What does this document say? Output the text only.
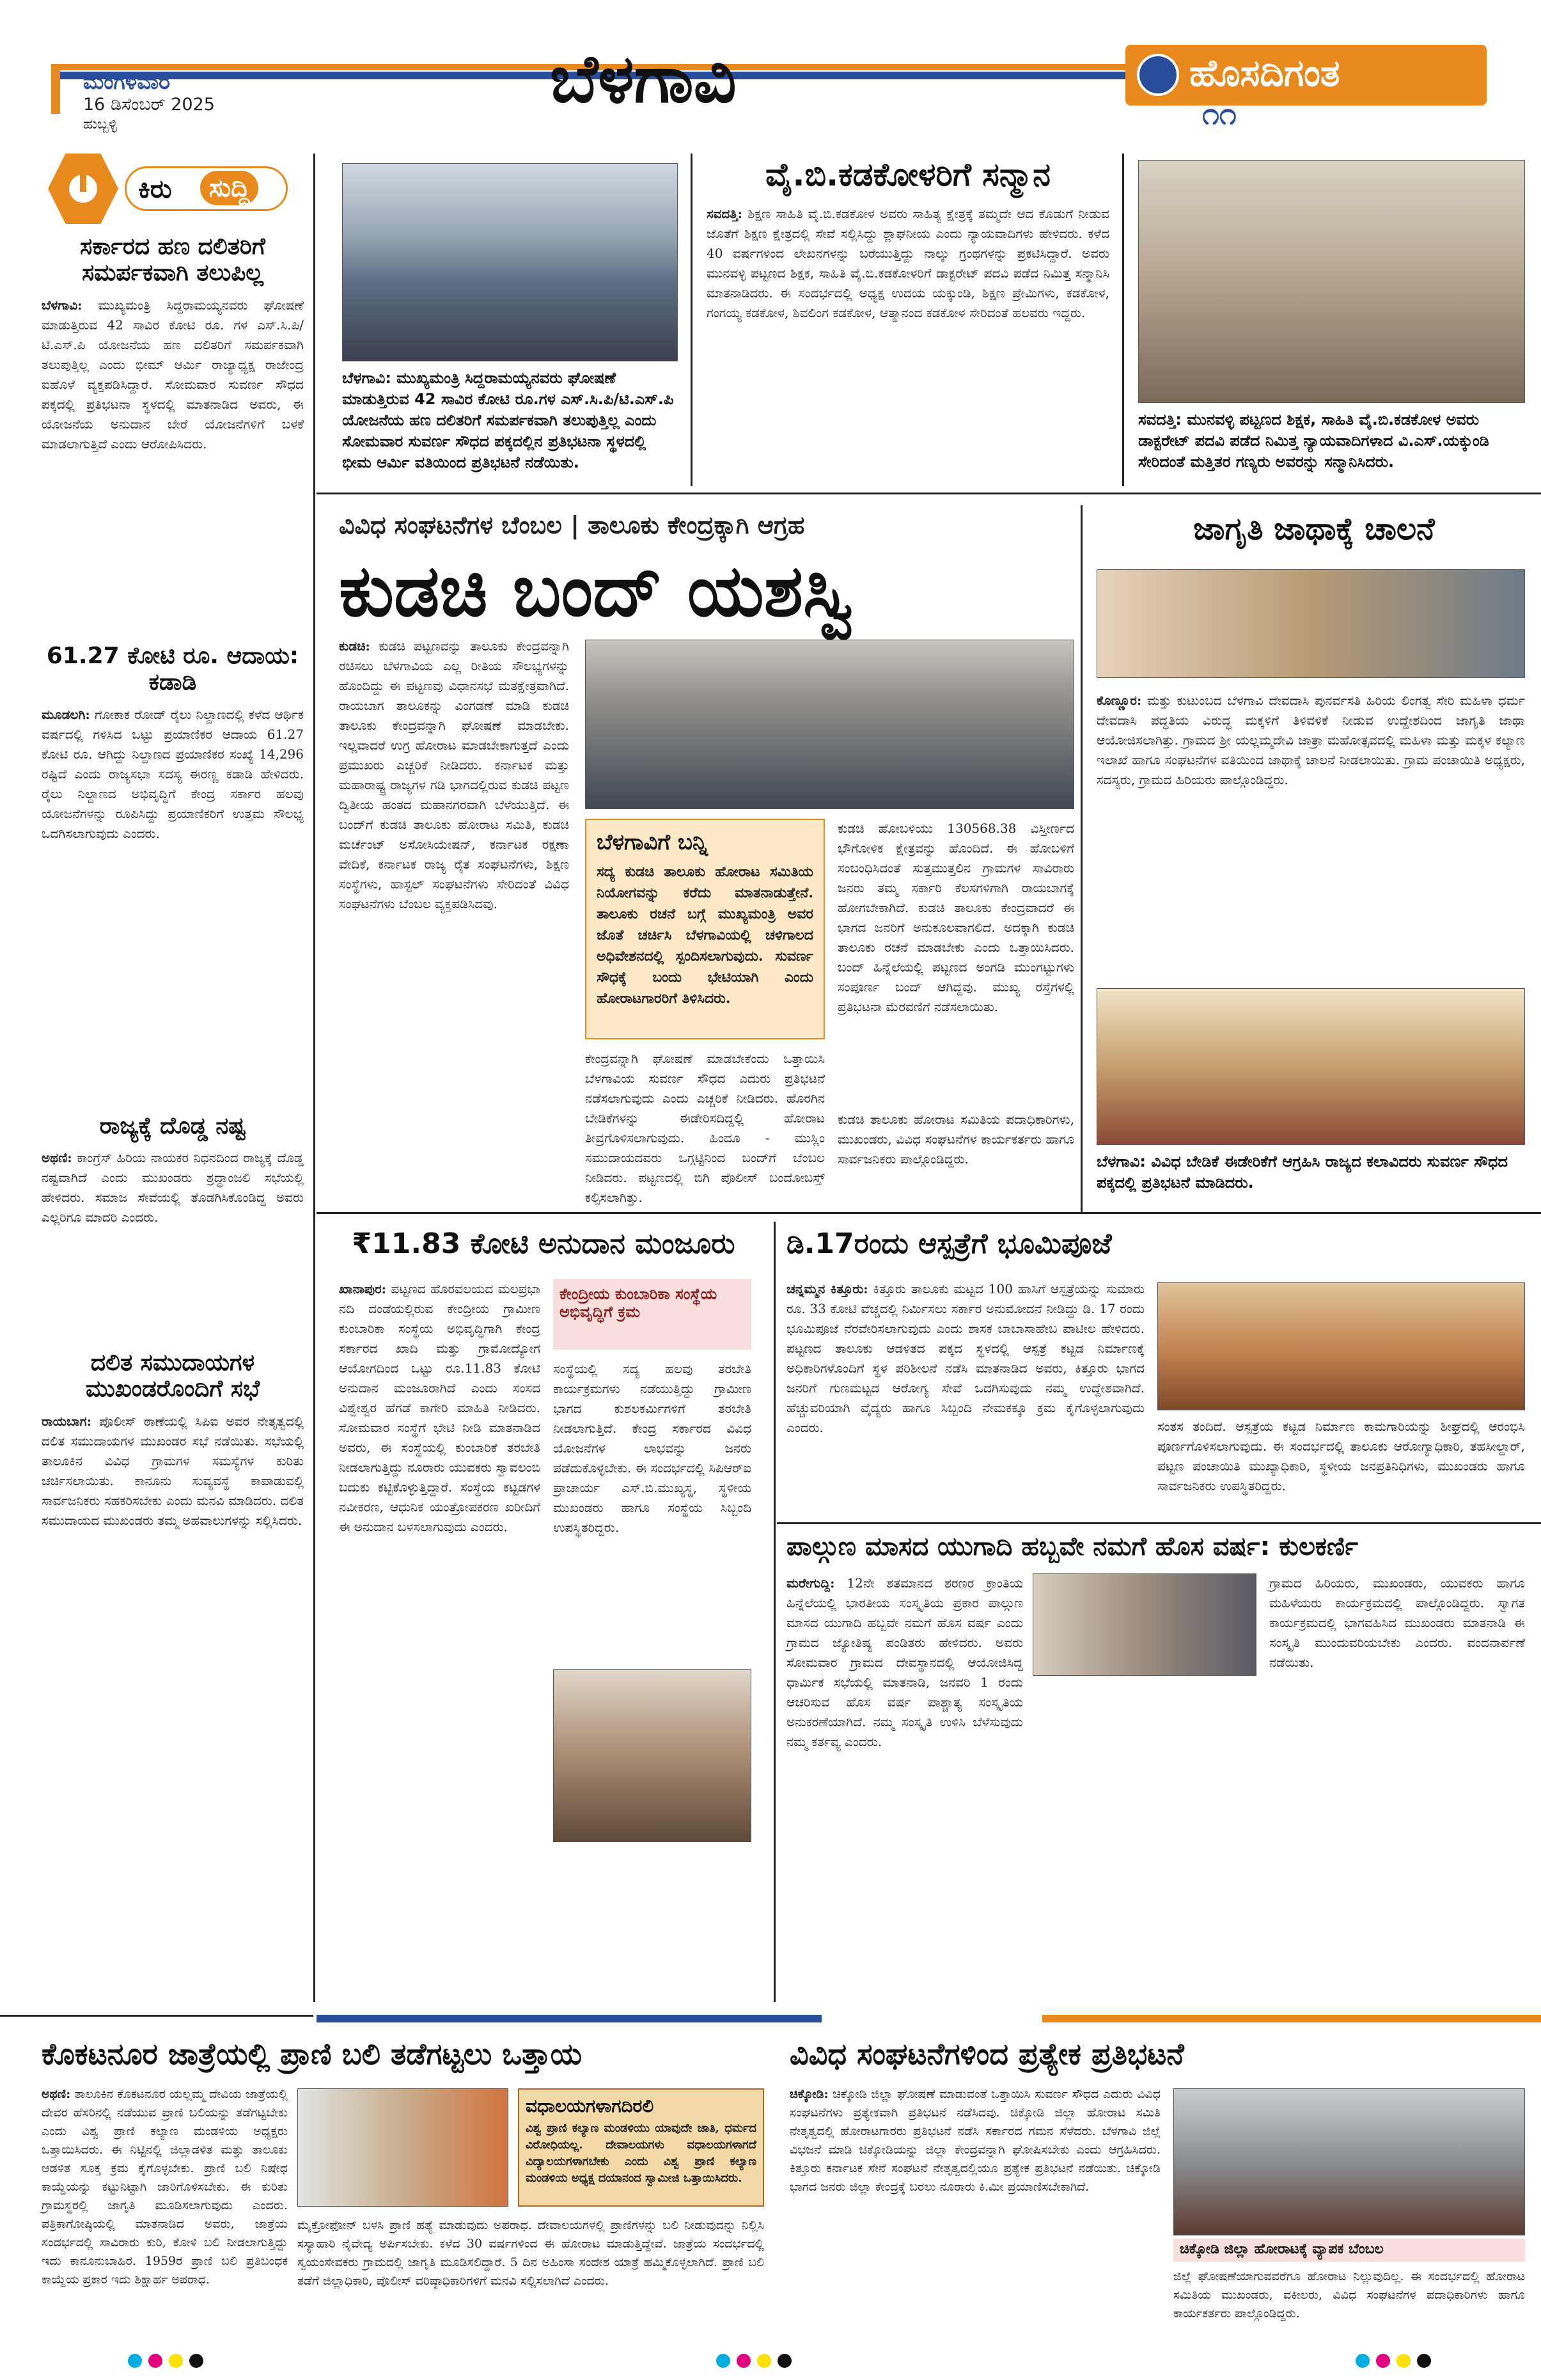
ಮಂಗಳವಾರ
16 ಡಿಸೆಂಬರ್ 2025
ಹುಬ್ಬಳ್ಳಿ
ಬೆಳಗಾವಿ	ಹೊಸದಿಗಂತ
೧೧
ಕಿರು	ಸುದ್ದಿ
ಸರ್ಕಾರದ ಹಣ ದಲಿತರಿಗೆ ಸಮರ್ಪಕವಾಗಿ ತಲುಪಿಲ್ಲ
ಬೆಳಗಾವಿ: ಮುಖ್ಯಮಂತ್ರಿ ಸಿದ್ದರಾಮಯ್ಯನವರು ಘೋಷಣೆ ಮಾಡುತ್ತಿರುವ 42 ಸಾವಿರ ಕೋಟಿ ರೂ. ಗಳ ಎಸ್.ಸಿ.ಪಿ/ಟಿ.ಎಸ್.ಪಿ ಯೋಜನೆಯ ಹಣ ದಲಿತರಿಗೆ ಸಮರ್ಪಕವಾಗಿ ತಲುಪುತ್ತಿಲ್ಲ ಎಂದು ಭೀಮ್ ಆರ್ಮಿ ರಾಜ್ಯಾಧ್ಯಕ್ಷ ರಾಜೇಂದ್ರ ಐಹೊಳೆ ವ್ಯಕ್ತಪಡಿಸಿದ್ದಾರೆ. ಸೋಮವಾರ ಸುವರ್ಣ ಸೌಧದ ಪಕ್ಕದಲ್ಲಿ ಪ್ರತಿಭಟನಾ ಸ್ಥಳದಲ್ಲಿ ಮಾತನಾಡಿದ ಅವರು, ಈ ಯೋಜನೆಯ ಅನುದಾನ ಬೇರೆ ಯೋಜನೆಗಳಿಗೆ ಬಳಕೆ ಮಾಡಲಾಗುತ್ತಿದೆ ಎಂದು ಆರೋಪಿಸಿದರು.
61.27 ಕೋಟಿ ರೂ. ಆದಾಯ: ಕಡಾಡಿ
ಮೂಡಲಗಿ: ಗೋಕಾಕ ರೋಡ್ ರೈಲು ನಿಲ್ದಾಣದಲ್ಲಿ ಕಳೆದ ಆರ್ಥಿಕ ವರ್ಷದಲ್ಲಿ ಗಳಿಸಿದ ಒಟ್ಟು ಪ್ರಯಾಣಿಕರ ಆದಾಯ 61.27 ಕೋಟಿ ರೂ. ಆಗಿದ್ದು ನಿಲ್ದಾಣದ ಪ್ರಯಾಣಿಕರ ಸಂಖ್ಯೆ 14,296 ರಷ್ಟಿದೆ ಎಂದು ರಾಜ್ಯಸಭಾ ಸದಸ್ಯ ಈರಣ್ಣ ಕಡಾಡಿ ಹೇಳಿದರು. ರೈಲು ನಿಲ್ದಾಣದ ಅಭಿವೃದ್ಧಿಗೆ ಕೇಂದ್ರ ಸರ್ಕಾರ ಹಲವು ಯೋಜನೆಗಳನ್ನು ರೂಪಿಸಿದ್ದು ಪ್ರಯಾಣಿಕರಿಗೆ ಉತ್ತಮ ಸೌಲಭ್ಯ ಒದಗಿಸಲಾಗುವುದು ಎಂದರು.
ರಾಜ್ಯಕ್ಕೆ ದೊಡ್ಡ ನಷ್ಟ
ಅಥಣಿ: ಕಾಂಗ್ರೆಸ್ ಹಿರಿಯ ನಾಯಕರ ನಿಧನದಿಂದ ರಾಜ್ಯಕ್ಕೆ ದೊಡ್ಡ ನಷ್ಟವಾಗಿದೆ ಎಂದು ಮುಖಂಡರು ಶ್ರದ್ಧಾಂಜಲಿ ಸಭೆಯಲ್ಲಿ ಹೇಳಿದರು. ಸಮಾಜ ಸೇವೆಯಲ್ಲಿ ತೊಡಗಿಸಿಕೊಂಡಿದ್ದ ಅವರು ಎಲ್ಲರಿಗೂ ಮಾದರಿ ಎಂದರು.
ದಲಿತ ಸಮುದಾಯಗಳ ಮುಖಂಡರೊಂದಿಗೆ ಸಭೆ
ರಾಯಬಾಗ: ಪೊಲೀಸ್ ಠಾಣೆಯಲ್ಲಿ ಸಿಪಿಐ ಅವರ ನೇತೃತ್ವದಲ್ಲಿ ದಲಿತ ಸಮುದಾಯಗಳ ಮುಖಂಡರ ಸಭೆ ನಡೆಯಿತು. ಸಭೆಯಲ್ಲಿ ತಾಲೂಕಿನ ವಿವಿಧ ಗ್ರಾಮಗಳ ಸಮಸ್ಯೆಗಳ ಕುರಿತು ಚರ್ಚಿಸಲಾಯಿತು. ಕಾನೂನು ಸುವ್ಯವಸ್ಥೆ ಕಾಪಾಡುವಲ್ಲಿ ಸಾರ್ವಜನಿಕರು ಸಹಕರಿಸಬೇಕು ಎಂದು ಮನವಿ ಮಾಡಿದರು. ದಲಿತ ಸಮುದಾಯದ ಮುಖಂಡರು ತಮ್ಮ ಅಹವಾಲುಗಳನ್ನು ಸಲ್ಲಿಸಿದರು.
ಬೆಳಗಾವಿ: ಮುಖ್ಯಮಂತ್ರಿ ಸಿದ್ದರಾಮಯ್ಯನವರು ಘೋಷಣೆ ಮಾಡುತ್ತಿರುವ 42 ಸಾವಿರ ಕೋಟಿ ರೂ.ಗಳ ಎಸ್.ಸಿ.ಪಿ/ಟಿ.ಎಸ್.ಪಿ ಯೋಜನೆಯ ಹಣ ದಲಿತರಿಗೆ ಸಮರ್ಪಕವಾಗಿ ತಲುಪುತ್ತಿಲ್ಲ ಎಂದು ಸೋಮವಾರ ಸುವರ್ಣ ಸೌಧದ ಪಕ್ಕದಲ್ಲಿನ ಪ್ರತಿಭಟನಾ ಸ್ಥಳದಲ್ಲಿ ಭೀಮ ಆರ್ಮಿ ವತಿಯಿಂದ ಪ್ರತಿಭಟನೆ ನಡೆಯಿತು.
ವೈ.ಬಿ.ಕಡಕೋಳರಿಗೆ ಸನ್ಮಾನ
ಸವದತ್ತಿ: ಶಿಕ್ಷಣ ಸಾಹಿತಿ ವೈ.ಬಿ.ಕಡಕೋಳ ಅವರು ಸಾಹಿತ್ಯ ಕ್ಷೇತ್ರಕ್ಕೆ ತಮ್ಮದೇ ಆದ ಕೊಡುಗೆ ನೀಡುವ ಜೊತೆಗೆ ಶಿಕ್ಷಣ ಕ್ಷೇತ್ರದಲ್ಲಿ ಸೇವೆ ಸಲ್ಲಿಸಿದ್ದು ಶ್ಲಾಘನೀಯ ಎಂದು ನ್ಯಾಯವಾದಿಗಳು ಹೇಳಿದರು. ಕಳೆದ 40 ವರ್ಷಗಳಿಂದ ಲೇಖನಗಳನ್ನು ಬರೆಯುತ್ತಿದ್ದು ನಾಲ್ಕು ಗ್ರಂಥಗಳನ್ನು ಪ್ರಕಟಿಸಿದ್ದಾರೆ. ಅವರು ಮುನವಳ್ಳಿ ಪಟ್ಟಣದ ಶಿಕ್ಷಕ, ಸಾಹಿತಿ ವೈ.ಬಿ.ಕಡಕೋಳರಿಗೆ ಡಾಕ್ಟರೇಟ್ ಪದವಿ ಪಡೆದ ನಿಮಿತ್ತ ಸನ್ಮಾನಿಸಿ ಮಾತನಾಡಿದರು. ಈ ಸಂದರ್ಭದಲ್ಲಿ ಅಧ್ಯಕ್ಷ ಉದಯ ಯಕ್ಕುಂಡಿ, ಶಿಕ್ಷಣ ಪ್ರೇಮಿಗಳು, ಕಡಕೋಳ, ಗಂಗಯ್ಯ ಕಡಕೋಳ, ಶಿವಲಿಂಗ ಕಡಕೋಳ, ಆತ್ಮಾನಂದ ಕಡಕೋಳ ಸೇರಿದಂತೆ ಹಲವರು ಇದ್ದರು.
ಸವದತ್ತಿ: ಮುನವಳ್ಳಿ ಪಟ್ಟಣದ ಶಿಕ್ಷಕ, ಸಾಹಿತಿ ವೈ.ಬಿ.ಕಡಕೋಳ ಅವರು ಡಾಕ್ಟರೇಟ್ ಪದವಿ ಪಡೆದ ನಿಮಿತ್ತ ನ್ಯಾಯವಾದಿಗಳಾದ ವಿ.ಎಸ್.ಯಕ್ಕುಂಡಿ ಸೇರಿದಂತೆ ಮತ್ತಿತರ ಗಣ್ಯರು ಅವರನ್ನು ಸನ್ಮಾನಿಸಿದರು.
ವಿವಿಧ ಸಂಘಟನೆಗಳ ಬೆಂಬಲ | ತಾಲೂಕು ಕೇಂದ್ರಕ್ಕಾಗಿ ಆಗ್ರಹ
ಕುಡಚಿ ಬಂದ್ ಯಶಸ್ವಿ
ಕುಡಚಿ: ಕುಡಚಿ ಪಟ್ಟಣವನ್ನು ತಾಲೂಕು ಕೇಂದ್ರವನ್ನಾಗಿ ರಚಿಸಲು ಬೆಳಗಾವಿಯ ಎಲ್ಲ ರೀತಿಯ ಸೌಲಭ್ಯಗಳನ್ನು ಹೊಂದಿದ್ದು ಈ ಪಟ್ಟಣವು ವಿಧಾನಸಭೆ ಮತಕ್ಷೇತ್ರವಾಗಿದೆ. ರಾಯಬಾಗ ತಾಲೂಕನ್ನು ವಿಂಗಡಣೆ ಮಾಡಿ ಕುಡಚಿ ತಾಲೂಕು ಕೇಂದ್ರವನ್ನಾಗಿ ಘೋಷಣೆ ಮಾಡಬೇಕು. ಇಲ್ಲವಾದರೆ ಉಗ್ರ ಹೋರಾಟ ಮಾಡಬೇಕಾಗುತ್ತದೆ ಎಂದು ಪ್ರಮುಖರು ಎಚ್ಚರಿಕೆ ನೀಡಿದರು. ಕರ್ನಾಟಕ ಮತ್ತು ಮಹಾರಾಷ್ಟ್ರ ರಾಜ್ಯಗಳ ಗಡಿ ಭಾಗದಲ್ಲಿರುವ ಕುಡಚಿ ಪಟ್ಟಣ ದ್ವಿತೀಯ ಹಂತದ ಮಹಾನಗರವಾಗಿ ಬೆಳೆಯುತ್ತಿದೆ. ಈ ಬಂದ್‌ಗೆ ಕುಡಚಿ ತಾಲೂಕು ಹೋರಾಟ ಸಮಿತಿ, ಕುಡಚಿ ಮರ್ಚೆಂಟ್ ಅಸೋಸಿಯೇಷನ್, ಕರ್ನಾಟಕ ರಕ್ಷಣಾ ವೇದಿಕೆ, ಕರ್ನಾಟಕ ರಾಜ್ಯ ರೈತ ಸಂಘಟನೆಗಳು, ಶಿಕ್ಷಣ ಸಂಸ್ಥೆಗಳು, ಹಾಸ್ಟಲ್ ಸಂಘಟನೆಗಳು ಸೇರಿದಂತೆ ವಿವಿಧ ಸಂಘಟನೆಗಳು ಬೆಂಬಲ ವ್ಯಕ್ತಪಡಿಸಿದವು.
ಬೆಳಗಾವಿಗೆ ಬನ್ನಿ
ಸದ್ಯ ಕುಡಚಿ ತಾಲೂಕು ಹೋರಾಟ ಸಮಿತಿಯ ನಿಯೋಗವನ್ನು ಕರೆದು ಮಾತನಾಡುತ್ತೇನೆ. ತಾಲೂಕು ರಚನೆ ಬಗ್ಗೆ ಮುಖ್ಯಮಂತ್ರಿ ಅವರ ಜೊತೆ ಚರ್ಚಿಸಿ ಬೆಳಗಾವಿಯಲ್ಲಿ ಚಳಿಗಾಲದ ಅಧಿವೇಶನದಲ್ಲಿ ಸ್ಪಂದಿಸಲಾಗುವುದು. ಸುವರ್ಣ ಸೌಧಕ್ಕೆ ಬಂದು ಭೇಟಿಯಾಗಿ ಎಂದು ಹೋರಾಟಗಾರರಿಗೆ ತಿಳಿಸಿದರು.
ಕುಡಚಿ ಹೋಬಳಿಯು 130568.38 ವಿಸ್ತೀರ್ಣದ ಭೌಗೋಳಿಕ ಕ್ಷೇತ್ರವನ್ನು ಹೊಂದಿದೆ. ಈ ಹೋಬಳಿಗೆ ಸಂಬಂಧಿಸಿದಂತೆ ಸುತ್ತಮುತ್ತಲಿನ ಗ್ರಾಮಗಳ ಸಾವಿರಾರು ಜನರು ತಮ್ಮ ಸರ್ಕಾರಿ ಕೆಲಸಗಳಿಗಾಗಿ ರಾಯಬಾಗಕ್ಕೆ ಹೋಗಬೇಕಾಗಿದೆ. ಕುಡಚಿ ತಾಲೂಕು ಕೇಂದ್ರವಾದರೆ ಈ ಭಾಗದ ಜನರಿಗೆ ಅನುಕೂಲವಾಗಲಿದೆ. ಅದಕ್ಕಾಗಿ ಕುಡಚಿ ತಾಲೂಕು ರಚನೆ ಮಾಡಬೇಕು ಎಂದು ಒತ್ತಾಯಿಸಿದರು. ಬಂದ್ ಹಿನ್ನೆಲೆಯಲ್ಲಿ ಪಟ್ಟಣದ ಅಂಗಡಿ ಮುಂಗಟ್ಟುಗಳು ಸಂಪೂರ್ಣ ಬಂದ್ ಆಗಿದ್ದವು. ಮುಖ್ಯ ರಸ್ತೆಗಳಲ್ಲಿ ಪ್ರತಿಭಟನಾ ಮೆರವಣಿಗೆ ನಡೆಸಲಾಯಿತು.
ಕೇಂದ್ರವನ್ನಾಗಿ ಘೋಷಣೆ ಮಾಡಬೇಕೆಂದು ಒತ್ತಾಯಿಸಿ ಬೆಳಗಾವಿಯ ಸುವರ್ಣ ಸೌಧದ ಎದುರು ಪ್ರತಿಭಟನೆ ನಡೆಸಲಾಗುವುದು ಎಂದು ಎಚ್ಚರಿಕೆ ನೀಡಿದರು. ಹೊರಗಿನ ಬೇಡಿಕೆಗಳನ್ನು ಈಡೇರಿಸದಿದ್ದಲ್ಲಿ ಹೋರಾಟ ತೀವ್ರಗೊಳಿಸಲಾಗುವುದು. ಹಿಂದೂ - ಮುಸ್ಲಿಂ ಸಮುದಾಯದವರು ಒಗ್ಗಟ್ಟಿನಿಂದ ಬಂದ್‌ಗೆ ಬೆಂಬಲ ನೀಡಿದರು. ಪಟ್ಟಣದಲ್ಲಿ ಬಿಗಿ ಪೊಲೀಸ್ ಬಂದೋಬಸ್ತ್ ಕಲ್ಪಿಸಲಾಗಿತ್ತು.
ಕುಡಚಿ ತಾಲೂಕು ಹೋರಾಟ ಸಮಿತಿಯ ಪದಾಧಿಕಾರಿಗಳು, ಮುಖಂಡರು, ವಿವಿಧ ಸಂಘಟನೆಗಳ ಕಾರ್ಯಕರ್ತರು ಹಾಗೂ ಸಾರ್ವಜನಿಕರು ಪಾಲ್ಗೊಂಡಿದ್ದರು.
ಜಾಗೃತಿ ಜಾಥಾಕ್ಕೆ ಚಾಲನೆ
ಕೊಣ್ಣೂರ: ಮತ್ತು ಕುಟುಂಬದ ಬೆಳಗಾವಿ ದೇವದಾಸಿ ಪುನರ್ವಸತಿ ಹಿರಿಯ ಲಿಂಗತ್ವ ಸೇರಿ ಮಹಿಳಾ ಧರ್ಮ ದೇವದಾಸಿ ಪದ್ಧತಿಯ ವಿರುದ್ಧ ಮಕ್ಕಳಿಗೆ ತಿಳಿವಳಿಕೆ ನೀಡುವ ಉದ್ದೇಶದಿಂದ ಜಾಗೃತಿ ಜಾಥಾ ಆಯೋಜಿಸಲಾಗಿತ್ತು. ಗ್ರಾಮದ ಶ್ರೀ ಯಲ್ಲಮ್ಮದೇವಿ ಜಾತ್ರಾ ಮಹೋತ್ಸವದಲ್ಲಿ ಮಹಿಳಾ ಮತ್ತು ಮಕ್ಕಳ ಕಲ್ಯಾಣ ಇಲಾಖೆ ಹಾಗೂ ಸಂಘಟನೆಗಳ ವತಿಯಿಂದ ಜಾಥಾಕ್ಕೆ ಚಾಲನೆ ನೀಡಲಾಯಿತು. ಗ್ರಾಮ ಪಂಚಾಯಿತಿ ಅಧ್ಯಕ್ಷರು, ಸದಸ್ಯರು, ಗ್ರಾಮದ ಹಿರಿಯರು ಪಾಲ್ಗೊಂಡಿದ್ದರು.
ಬೆಳಗಾವಿ: ವಿವಿಧ ಬೇಡಿಕೆ ಈಡೇರಿಕೆಗೆ ಆಗ್ರಹಿಸಿ ರಾಜ್ಯದ ಕಲಾವಿದರು ಸುವರ್ಣ ಸೌಧದ ಪಕ್ಕದಲ್ಲಿ ಪ್ರತಿಭಟನೆ ಮಾಡಿದರು.
₹11.83 ಕೋಟಿ ಅನುದಾನ ಮಂಜೂರು
ಖಾನಾಪುರ: ಪಟ್ಟಣದ ಹೊರವಲಯದ ಮಲಪ್ರಭಾ ನದಿ ದಂಡೆಯಲ್ಲಿರುವ ಕೇಂದ್ರೀಯ ಗ್ರಾಮೀಣ ಕುಂಬಾರಿಕಾ ಸಂಸ್ಥೆಯ ಅಭಿವೃದ್ಧಿಗಾಗಿ ಕೇಂದ್ರ ಸರ್ಕಾರದ ಖಾದಿ ಮತ್ತು ಗ್ರಾಮೋದ್ಯೋಗ ಆಯೋಗದಿಂದ ಒಟ್ಟು ರೂ.11.83 ಕೋಟಿ ಅನುದಾನ ಮಂಜೂರಾಗಿದೆ ಎಂದು ಸಂಸದ ವಿಶ್ವೇಶ್ವರ ಹೆಗಡೆ ಕಾಗೇರಿ ಮಾಹಿತಿ ನೀಡಿದರು. ಸೋಮವಾರ ಸಂಸ್ಥೆಗೆ ಭೇಟಿ ನೀಡಿ ಮಾತನಾಡಿದ ಅವರು, ಈ ಸಂಸ್ಥೆಯಲ್ಲಿ ಕುಂಬಾರಿಕೆ ತರಬೇತಿ ನೀಡಲಾಗುತ್ತಿದ್ದು ನೂರಾರು ಯುವಕರು ಸ್ವಾವಲಂಬಿ ಬದುಕು ಕಟ್ಟಿಕೊಳ್ಳುತ್ತಿದ್ದಾರೆ. ಸಂಸ್ಥೆಯ ಕಟ್ಟಡಗಳ ನವೀಕರಣ, ಆಧುನಿಕ ಯಂತ್ರೋಪಕರಣ ಖರೀದಿಗೆ ಈ ಅನುದಾನ ಬಳಸಲಾಗುವುದು ಎಂದರು.
ಕೇಂದ್ರೀಯ ಕುಂಬಾರಿಕಾ ಸಂಸ್ಥೆಯ ಅಭಿವೃದ್ಧಿಗೆ ಕ್ರಮ
ಸಂಸ್ಥೆಯಲ್ಲಿ ಸದ್ಯ ಹಲವು ತರಬೇತಿ ಕಾರ್ಯಕ್ರಮಗಳು ನಡೆಯುತ್ತಿದ್ದು ಗ್ರಾಮೀಣ ಭಾಗದ ಕುಶಲಕರ್ಮಿಗಳಿಗೆ ತರಬೇತಿ ನೀಡಲಾಗುತ್ತಿದೆ. ಕೇಂದ್ರ ಸರ್ಕಾರದ ವಿವಿಧ ಯೋಜನೆಗಳ ಲಾಭವನ್ನು ಜನರು ಪಡೆದುಕೊಳ್ಳಬೇಕು. ಈ ಸಂದರ್ಭದಲ್ಲಿ ಸಿಪಿಆರ್‌ಐ ಪ್ರಾಚಾರ್ಯ ಎಸ್.ಬಿ.ಮುಖ್ಯಸ್ಥ, ಸ್ಥಳೀಯ ಮುಖಂಡರು ಹಾಗೂ ಸಂಸ್ಥೆಯ ಸಿಬ್ಬಂದಿ ಉಪಸ್ಥಿತರಿದ್ದರು.
ಡಿ.17ರಂದು ಆಸ್ಪತ್ರೆಗೆ ಭೂಮಿಪೂಜೆ
ಚನ್ನಮ್ಮನ ಕಿತ್ತೂರು: ಕಿತ್ತೂರು ತಾಲೂಕು ಮಟ್ಟದ 100 ಹಾಸಿಗೆ ಆಸ್ಪತ್ರೆಯನ್ನು ಸುಮಾರು ರೂ. 33 ಕೋಟಿ ವೆಚ್ಚದಲ್ಲಿ ನಿರ್ಮಿಸಲು ಸರ್ಕಾರ ಅನುಮೋದನೆ ನೀಡಿದ್ದು ಡಿ. 17 ರಂದು ಭೂಮಿಪೂಜೆ ನೆರವೇರಿಸಲಾಗುವುದು ಎಂದು ಶಾಸಕ ಬಾಬಾಸಾಹೇಬ ಪಾಟೀಲ ಹೇಳಿದರು. ಪಟ್ಟಣದ ತಾಲೂಕು ಆಡಳಿತದ ಪಕ್ಕದ ಸ್ಥಳದಲ್ಲಿ ಆಸ್ಪತ್ರೆ ಕಟ್ಟಡ ನಿರ್ಮಾಣಕ್ಕೆ ಅಧಿಕಾರಿಗಳೊಂದಿಗೆ ಸ್ಥಳ ಪರಿಶೀಲನೆ ನಡೆಸಿ ಮಾತನಾಡಿದ ಅವರು, ಕಿತ್ತೂರು ಭಾಗದ ಜನರಿಗೆ ಗುಣಮಟ್ಟದ ಆರೋಗ್ಯ ಸೇವೆ ಒದಗಿಸುವುದು ನಮ್ಮ ಉದ್ದೇಶವಾಗಿದೆ. ಹೆಚ್ಚುವರಿಯಾಗಿ ವೈದ್ಯರು ಹಾಗೂ ಸಿಬ್ಬಂದಿ ನೇಮಕಕ್ಕೂ ಕ್ರಮ ಕೈಗೊಳ್ಳಲಾಗುವುದು ಎಂದರು.	ಸಂತಸ ತಂದಿದೆ. ಆಸ್ಪತ್ರೆಯ ಕಟ್ಟಡ ನಿರ್ಮಾಣ ಕಾಮಗಾರಿಯನ್ನು ಶೀಘ್ರದಲ್ಲಿ ಆರಂಭಿಸಿ ಪೂರ್ಣಗೊಳಿಸಲಾಗುವುದು. ಈ ಸಂದರ್ಭದಲ್ಲಿ ತಾಲೂಕು ಆರೋಗ್ಯಾಧಿಕಾರಿ, ತಹಸೀಲ್ದಾರ್, ಪಟ್ಟಣ ಪಂಚಾಯಿತಿ ಮುಖ್ಯಾಧಿಕಾರಿ, ಸ್ಥಳೀಯ ಜನಪ್ರತಿನಿಧಿಗಳು, ಮುಖಂಡರು ಹಾಗೂ ಸಾರ್ವಜನಿಕರು ಉಪಸ್ಥಿತರಿದ್ದರು.
ಪಾಲ್ಗುಣ ಮಾಸದ ಯುಗಾದಿ ಹಬ್ಬವೇ ನಮಗೆ ಹೊಸ ವರ್ಷ: ಕುಲಕರ್ಣಿ
ಮರೇಗುದ್ದಿ: 12ನೇ ಶತಮಾನದ ಶರಣರ ಕ್ರಾಂತಿಯ ಹಿನ್ನೆಲೆಯಲ್ಲಿ ಭಾರತೀಯ ಸಂಸ್ಕೃತಿಯ ಪ್ರಕಾರ ಪಾಲ್ಗುಣ ಮಾಸದ ಯುಗಾದಿ ಹಬ್ಬವೇ ನಮಗೆ ಹೊಸ ವರ್ಷ ಎಂದು ಗ್ರಾಮದ ಜ್ಯೋತಿಷ್ಯ ಪಂಡಿತರು ಹೇಳಿದರು. ಅವರು ಸೋಮವಾರ ಗ್ರಾಮದ ದೇವಸ್ಥಾನದಲ್ಲಿ ಆಯೋಜಿಸಿದ್ದ ಧಾರ್ಮಿಕ ಸಭೆಯಲ್ಲಿ ಮಾತನಾಡಿ, ಜನವರಿ 1 ರಂದು ಆಚರಿಸುವ ಹೊಸ ವರ್ಷ ಪಾಶ್ಚಾತ್ಯ ಸಂಸ್ಕೃತಿಯ ಅನುಕರಣೆಯಾಗಿದೆ. ನಮ್ಮ ಸಂಸ್ಕೃತಿ ಉಳಿಸಿ ಬೆಳೆಸುವುದು ನಮ್ಮ ಕರ್ತವ್ಯ ಎಂದರು.
ಗ್ರಾಮದ ಹಿರಿಯರು, ಮುಖಂಡರು, ಯುವಕರು ಹಾಗೂ ಮಹಿಳೆಯರು ಕಾರ್ಯಕ್ರಮದಲ್ಲಿ ಪಾಲ್ಗೊಂಡಿದ್ದರು. ಸ್ವಾಗತ ಕಾರ್ಯಕ್ರಮದಲ್ಲಿ ಭಾಗವಹಿಸಿದ ಮುಖಂಡರು ಮಾತನಾಡಿ ಈ ಸಂಸ್ಕೃತಿ ಮುಂದುವರಿಯಬೇಕು ಎಂದರು. ವಂದನಾರ್ಪಣೆ ನಡೆಯಿತು.
ಕೊಕಟನೂರ ಜಾತ್ರೆಯಲ್ಲಿ ಪ್ರಾಣಿ ಬಲಿ ತಡೆಗಟ್ಟಲು ಒತ್ತಾಯ
ಅಥಣಿ: ತಾಲೂಕಿನ ಕೊಕಟನೂರ ಯಲ್ಲಮ್ಮ ದೇವಿಯ ಜಾತ್ರೆಯಲ್ಲಿ ದೇವರ ಹೆಸರಿನಲ್ಲಿ ನಡೆಯುವ ಪ್ರಾಣಿ ಬಲಿಯನ್ನು ತಡೆಗಟ್ಟಬೇಕು ಎಂದು ವಿಶ್ವ ಪ್ರಾಣಿ ಕಲ್ಯಾಣ ಮಂಡಳಿಯ ಅಧ್ಯಕ್ಷರು ಒತ್ತಾಯಿಸಿದರು. ಈ ನಿಟ್ಟಿನಲ್ಲಿ ಜಿಲ್ಲಾಡಳಿತ ಮತ್ತು ತಾಲೂಕು ಆಡಳಿತ ಸೂಕ್ತ ಕ್ರಮ ಕೈಗೊಳ್ಳಬೇಕು. ಪ್ರಾಣಿ ಬಲಿ ನಿಷೇಧ ಕಾಯ್ದೆಯನ್ನು ಕಟ್ಟುನಿಟ್ಟಾಗಿ ಜಾರಿಗೊಳಿಸಬೇಕು. ಈ ಕುರಿತು ಗ್ರಾಮಸ್ಥರಲ್ಲಿ ಜಾಗೃತಿ ಮೂಡಿಸಲಾಗುವುದು ಎಂದರು. ಪತ್ರಿಕಾಗೋಷ್ಠಿಯಲ್ಲಿ ಮಾತನಾಡಿದ ಅವರು, ಜಾತ್ರೆಯ ಸಂದರ್ಭದಲ್ಲಿ ಸಾವಿರಾರು ಕುರಿ, ಕೋಳಿ ಬಲಿ ನೀಡಲಾಗುತ್ತಿದ್ದು ಇದು ಕಾನೂನುಬಾಹಿರ. 1959ರ ಪ್ರಾಣಿ ಬಲಿ ಪ್ರತಿಬಂಧಕ ಕಾಯ್ದೆಯ ಪ್ರಕಾರ ಇದು ಶಿಕ್ಷಾರ್ಹ ಅಪರಾಧ.
ವಧಾಲಯಗಳಾಗದಿರಲಿ
ವಿಶ್ವ ಪ್ರಾಣಿ ಕಲ್ಯಾಣ ಮಂಡಳಿಯು ಯಾವುದೇ ಜಾತಿ, ಧರ್ಮದ ವಿರೋಧಿಯಲ್ಲ. ದೇವಾಲಯಗಳು ವಧಾಲಯಗಳಾಗದೆ ವಿದ್ಯಾಲಯಗಳಾಗಬೇಕು ಎಂದು ವಿಶ್ವ ಪ್ರಾಣಿ ಕಲ್ಯಾಣ ಮಂಡಳಿಯ ಅಧ್ಯಕ್ಷ ದಯಾನಂದ ಸ್ವಾಮೀಜಿ ಒತ್ತಾಯಿಸಿದರು.
ಮೈಕ್ರೋಫೋನ್ ಬಳಸಿ ಪ್ರಾಣಿ ಹತ್ಯೆ ಮಾಡುವುದು ಅಪರಾಧ. ದೇವಾಲಯಗಳಲ್ಲಿ ಪ್ರಾಣಿಗಳನ್ನು ಬಲಿ ನೀಡುವುದನ್ನು ನಿಲ್ಲಿಸಿ ಸಸ್ಯಾಹಾರಿ ನೈವೇದ್ಯ ಅರ್ಪಿಸಬೇಕು. ಕಳೆದ 30 ವರ್ಷಗಳಿಂದ ಈ ಹೋರಾಟ ಮಾಡುತ್ತಿದ್ದೇವೆ. ಜಾತ್ರೆಯ ಸಂದರ್ಭದಲ್ಲಿ ಸ್ವಯಂಸೇವಕರು ಗ್ರಾಮದಲ್ಲಿ ಜಾಗೃತಿ ಮೂಡಿಸಲಿದ್ದಾರೆ. 5 ದಿನ ಅಹಿಂಸಾ ಸಂದೇಶ ಯಾತ್ರೆ ಹಮ್ಮಿಕೊಳ್ಳಲಾಗಿದೆ. ಪ್ರಾಣಿ ಬಲಿ ತಡೆಗೆ ಜಿಲ್ಲಾಧಿಕಾರಿ, ಪೊಲೀಸ್ ವರಿಷ್ಠಾಧಿಕಾರಿಗಳಿಗೆ ಮನವಿ ಸಲ್ಲಿಸಲಾಗಿದೆ ಎಂದರು.
ವಿವಿಧ ಸಂಘಟನೆಗಳಿಂದ ಪ್ರತ್ಯೇಕ ಪ್ರತಿಭಟನೆ
ಚಿಕ್ಕೋಡಿ: ಚಿಕ್ಕೋಡಿ ಜಿಲ್ಲಾ ಘೋಷಣೆ ಮಾಡುವಂತೆ ಒತ್ತಾಯಿಸಿ ಸುವರ್ಣ ಸೌಧದ ಎದುರು ವಿವಿಧ ಸಂಘಟನೆಗಳು ಪ್ರತ್ಯೇಕವಾಗಿ ಪ್ರತಿಭಟನೆ ನಡೆಸಿದವು. ಚಿಕ್ಕೋಡಿ ಜಿಲ್ಲಾ ಹೋರಾಟ ಸಮಿತಿ ನೇತೃತ್ವದಲ್ಲಿ ಹೋರಾಟಗಾರರು ಪ್ರತಿಭಟನೆ ನಡೆಸಿ ಸರ್ಕಾರದ ಗಮನ ಸೆಳೆದರು. ಬೆಳಗಾವಿ ಜಿಲ್ಲೆ ವಿಭಜನೆ ಮಾಡಿ ಚಿಕ್ಕೋಡಿಯನ್ನು ಜಿಲ್ಲಾ ಕೇಂದ್ರವನ್ನಾಗಿ ಘೋಷಿಸಬೇಕು ಎಂದು ಆಗ್ರಹಿಸಿದರು. ಕಿತ್ತೂರು ಕರ್ನಾಟಕ ಸೇನೆ ಸಂಘಟನೆ ನೇತೃತ್ವದಲ್ಲಿಯೂ ಪ್ರತ್ಯೇಕ ಪ್ರತಿಭಟನೆ ನಡೆಯಿತು. ಚಿಕ್ಕೋಡಿ ಭಾಗದ ಜನರು ಜಿಲ್ಲಾ ಕೇಂದ್ರಕ್ಕೆ ಬರಲು ನೂರಾರು ಕಿ.ಮೀ ಪ್ರಯಾಣಿಸಬೇಕಾಗಿದೆ.
ಚಿಕ್ಕೋಡಿ ಜಿಲ್ಲಾ ಹೋರಾಟಕ್ಕೆ ವ್ಯಾಪಕ ಬೆಂಬಲ
ಜಿಲ್ಲೆ ಘೋಷಣೆಯಾಗುವವರೆಗೂ ಹೋರಾಟ ನಿಲ್ಲುವುದಿಲ್ಲ. ಈ ಸಂದರ್ಭದಲ್ಲಿ ಹೋರಾಟ ಸಮಿತಿಯ ಮುಖಂಡರು, ವಕೀಲರು, ವಿವಿಧ ಸಂಘಟನೆಗಳ ಪದಾಧಿಕಾರಿಗಳು ಹಾಗೂ ಕಾರ್ಯಕರ್ತರು ಪಾಲ್ಗೊಂಡಿದ್ದರು.
